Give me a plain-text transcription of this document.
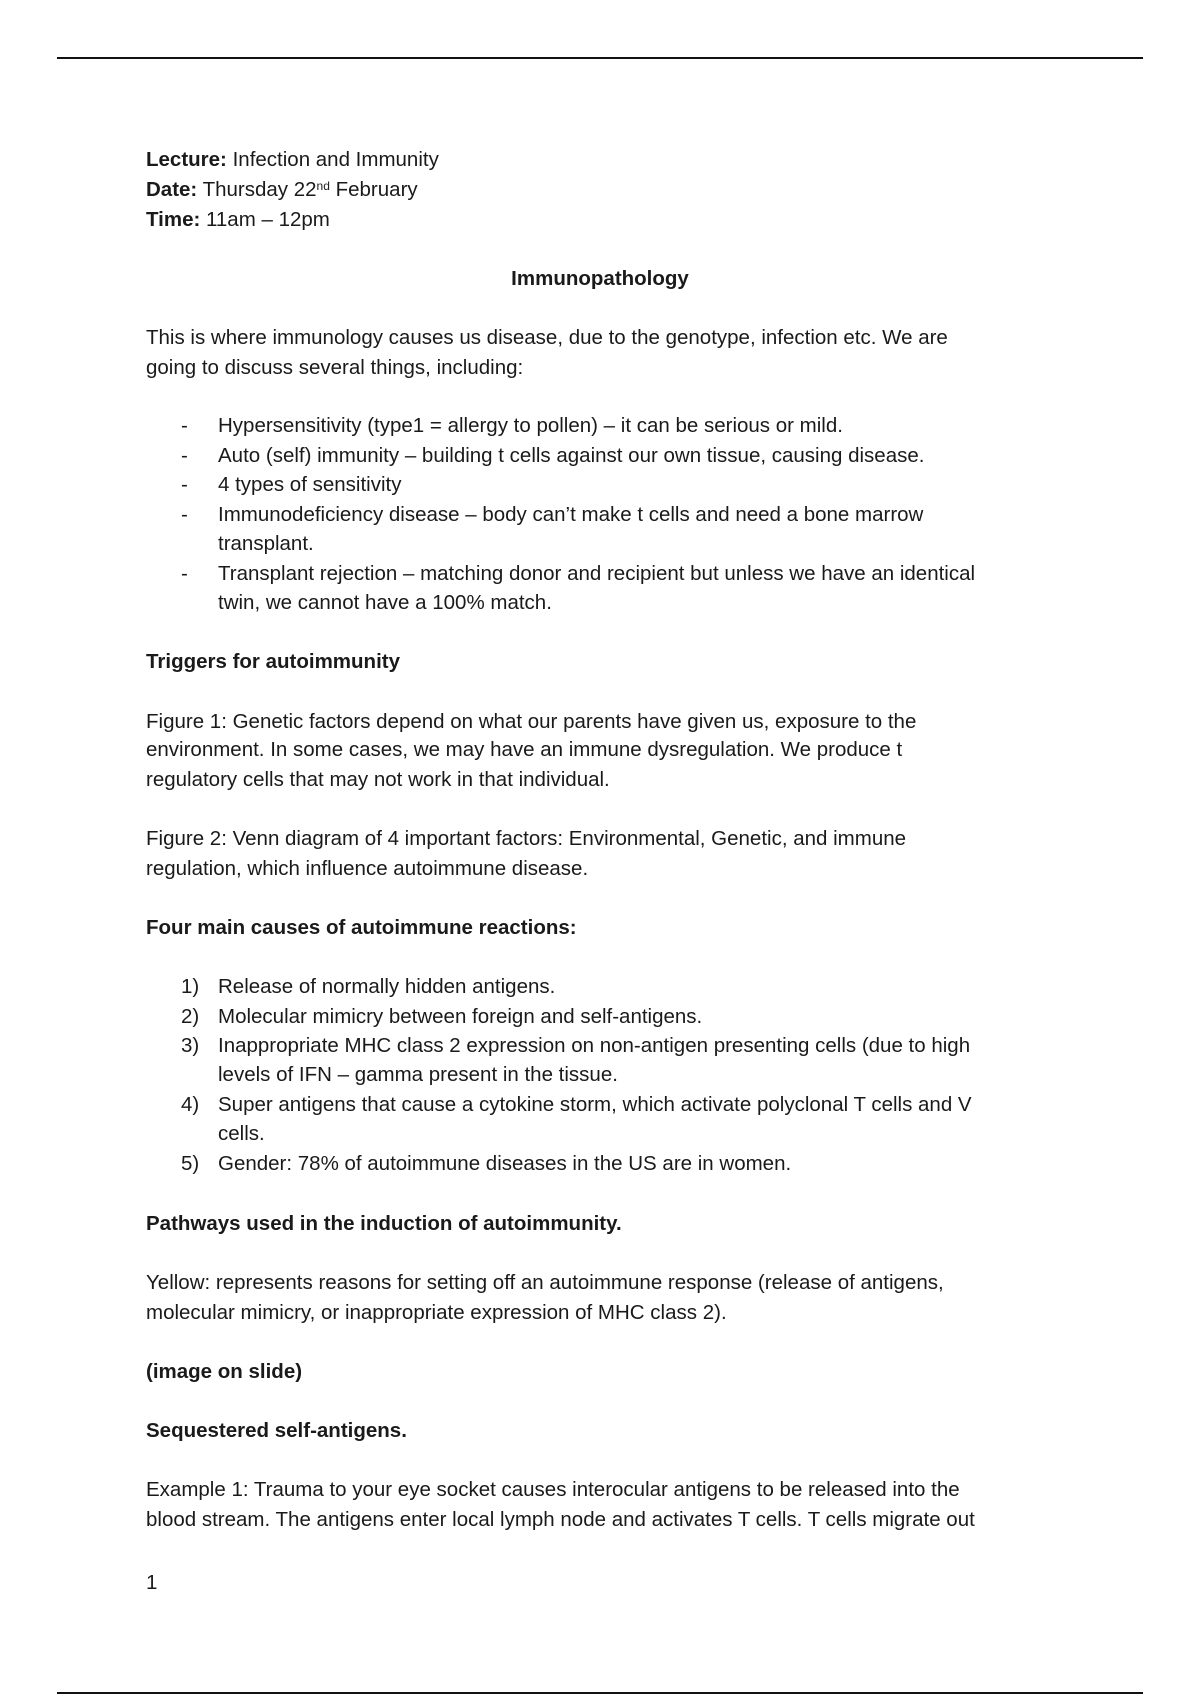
Lecture: Infection and Immunity
Date: Thursday 22nd February
Time: 11am – 12pm
Immunopathology
This is where immunology causes us disease, due to the genotype, infection etc. We are
going to discuss several things, including:
- Hypersensitivity (type1 = allergy to pollen) – it can be serious or mild.
- Auto (self) immunity – building t cells against our own tissue, causing disease.
- 4 types of sensitivity
- Immunodeficiency disease – body can’t make t cells and need a bone marrow
transplant.
- Transplant rejection – matching donor and recipient but unless we have an identical
twin, we cannot have a 100% match.
Triggers for autoimmunity
Figure 1: Genetic factors depend on what our parents have given us, exposure to the
environment. In some cases, we may have an immune dysregulation. We produce t
regulatory cells that may not work in that individual.
Figure 2: Venn diagram of 4 important factors: Environmental, Genetic, and immune
regulation, which influence autoimmune disease.
Four main causes of autoimmune reactions:
1) Release of normally hidden antigens.
2) Molecular mimicry between foreign and self-antigens.
3) Inappropriate MHC class 2 expression on non-antigen presenting cells (due to high
levels of IFN – gamma present in the tissue.
4) Super antigens that cause a cytokine storm, which activate polyclonal T cells and V
cells.
5) Gender: 78% of autoimmune diseases in the US are in women.
Pathways used in the induction of autoimmunity.
Yellow: represents reasons for setting off an autoimmune response (release of antigens,
molecular mimicry, or inappropriate expression of MHC class 2).
(image on slide)
Sequestered self-antigens.
Example 1: Trauma to your eye socket causes interocular antigens to be released into the
blood stream. The antigens enter local lymph node and activates T cells. T cells migrate out
1
